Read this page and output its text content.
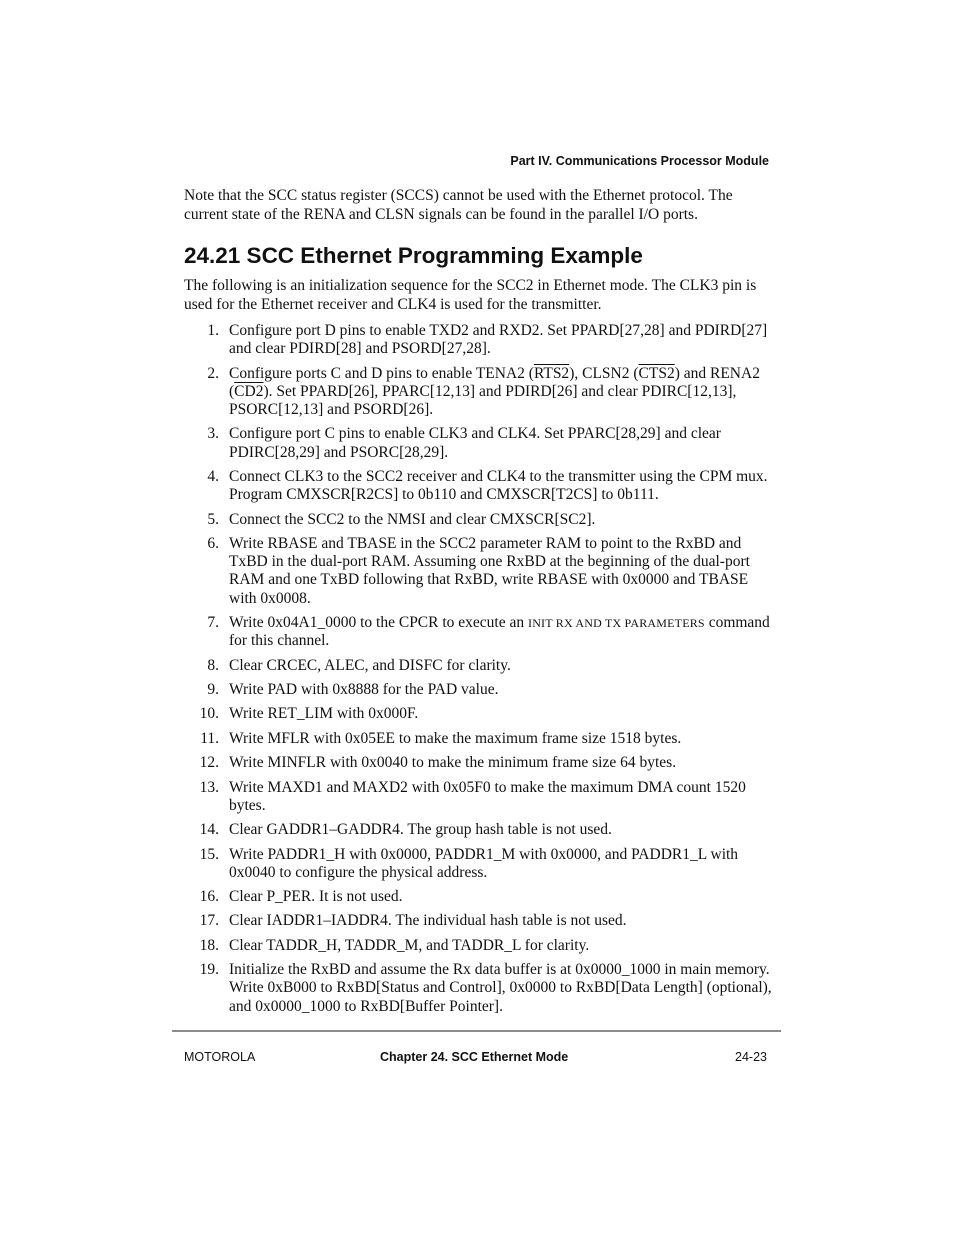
Part IV. Communications Processor Module

Note that the SCC status register (SCCS) cannot be used with the Ethernet protocol. The current state of the RENA and CLSN signals can be found in the parallel I/O ports.

24.21 SCC Ethernet Programming Example

The following is an initialization sequence for the SCC2 in Ethernet mode. The CLK3 pin is used for the Ethernet receiver and CLK4 is used for the transmitter.

1. Configure port D pins to enable TXD2 and RXD2. Set PPARD[27,28] and PDIRD[27] and clear PDIRD[28] and PSORD[27,28].
2. Configure ports C and D pins to enable TENA2 (RTS2), CLSN2 (CTS2) and RENA2 (CD2). Set PPARD[26], PPARC[12,13] and PDIRD[26] and clear PDIRC[12,13], PSORC[12,13] and PSORD[26].
3. Configure port C pins to enable CLK3 and CLK4. Set PPARC[28,29] and clear PDIRC[28,29] and PSORC[28,29].
4. Connect CLK3 to the SCC2 receiver and CLK4 to the transmitter using the CPM mux. Program CMXSCR[R2CS] to 0b110 and CMXSCR[T2CS] to 0b111.
5. Connect the SCC2 to the NMSI and clear CMXSCR[SC2].
6. Write RBASE and TBASE in the SCC2 parameter RAM to point to the RxBD and TxBD in the dual-port RAM. Assuming one RxBD at the beginning of the dual-port RAM and one TxBD following that RxBD, write RBASE with 0x0000 and TBASE with 0x0008.
7. Write 0x04A1_0000 to the CPCR to execute an INIT RX AND TX PARAMETERS command for this channel.
8. Clear CRCEC, ALEC, and DISFC for clarity.
9. Write PAD with 0x8888 for the PAD value.
10. Write RET_LIM with 0x000F.
11. Write MFLR with 0x05EE to make the maximum frame size 1518 bytes.
12. Write MINFLR with 0x0040 to make the minimum frame size 64 bytes.
13. Write MAXD1 and MAXD2 with 0x05F0 to make the maximum DMA count 1520 bytes.
14. Clear GADDR1–GADDR4. The group hash table is not used.
15. Write PADDR1_H with 0x0000, PADDR1_M with 0x0000, and PADDR1_L with 0x0040 to configure the physical address.
16. Clear P_PER. It is not used.
17. Clear IADDR1–IADDR4. The individual hash table is not used.
18. Clear TADDR_H, TADDR_M, and TADDR_L for clarity.
19. Initialize the RxBD and assume the Rx data buffer is at 0x0000_1000 in main memory. Write 0xB000 to RxBD[Status and Control], 0x0000 to RxBD[Data Length] (optional), and 0x0000_1000 to RxBD[Buffer Pointer].
MOTOROLA	Chapter 24. SCC Ethernet Mode	24-23
